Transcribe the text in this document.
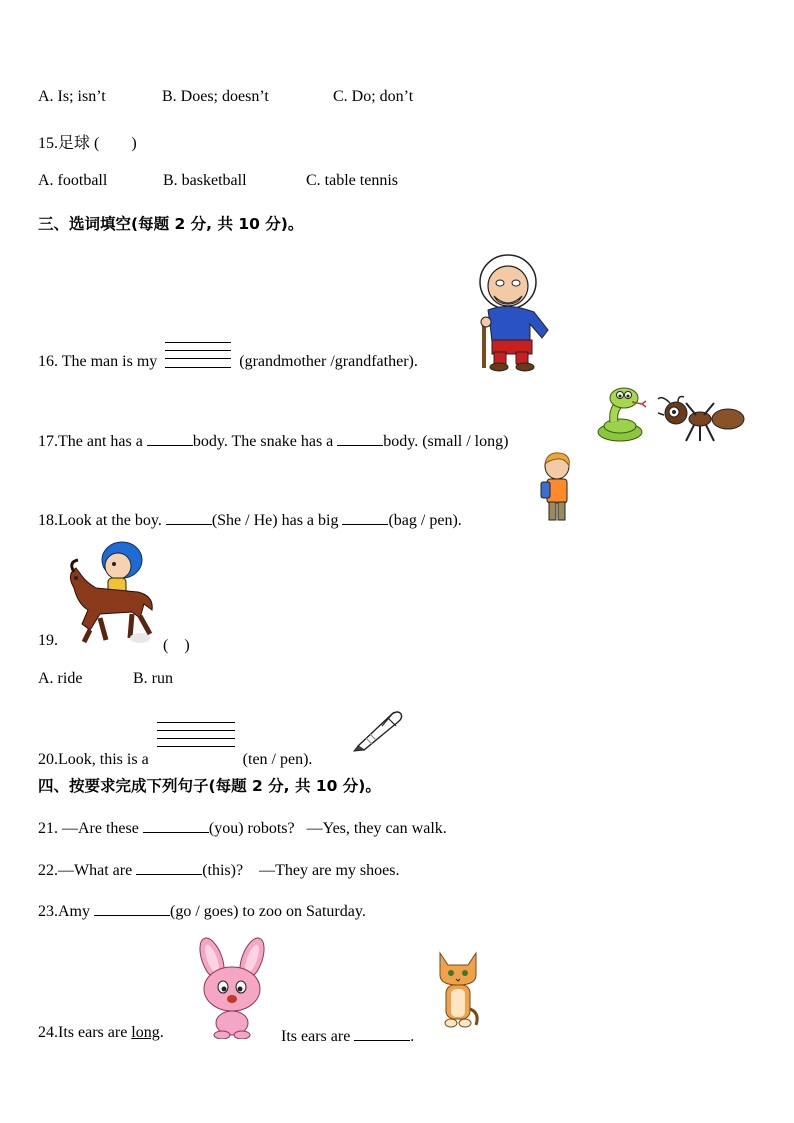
A. Is; isn’t	B. Does; doesn’t	C. Do; don’t
15.足球 (　　)
A. football	B. basketball	C. table tennis
三、选词填空(每题 2 分, 共 10 分)。
16. The man is my	(grandmother /grandfather).
17.The ant has a	body. The snake has a	body. (small / long)
18.Look at the boy.	(She / He) has a big	(bag / pen).
19.	(　)
A. ride	B. run
20.Look, this is a	(ten / pen).
四、按要求完成下列句子(每题 2 分, 共 10 分)。
21. —Are these	(you) robots? —Yes, they can walk.
22.—What are	(this)? —They are my shoes.
23.Amy	(go / goes) to zoo on Saturday.
24.Its ears are long.	Its ears are	.
